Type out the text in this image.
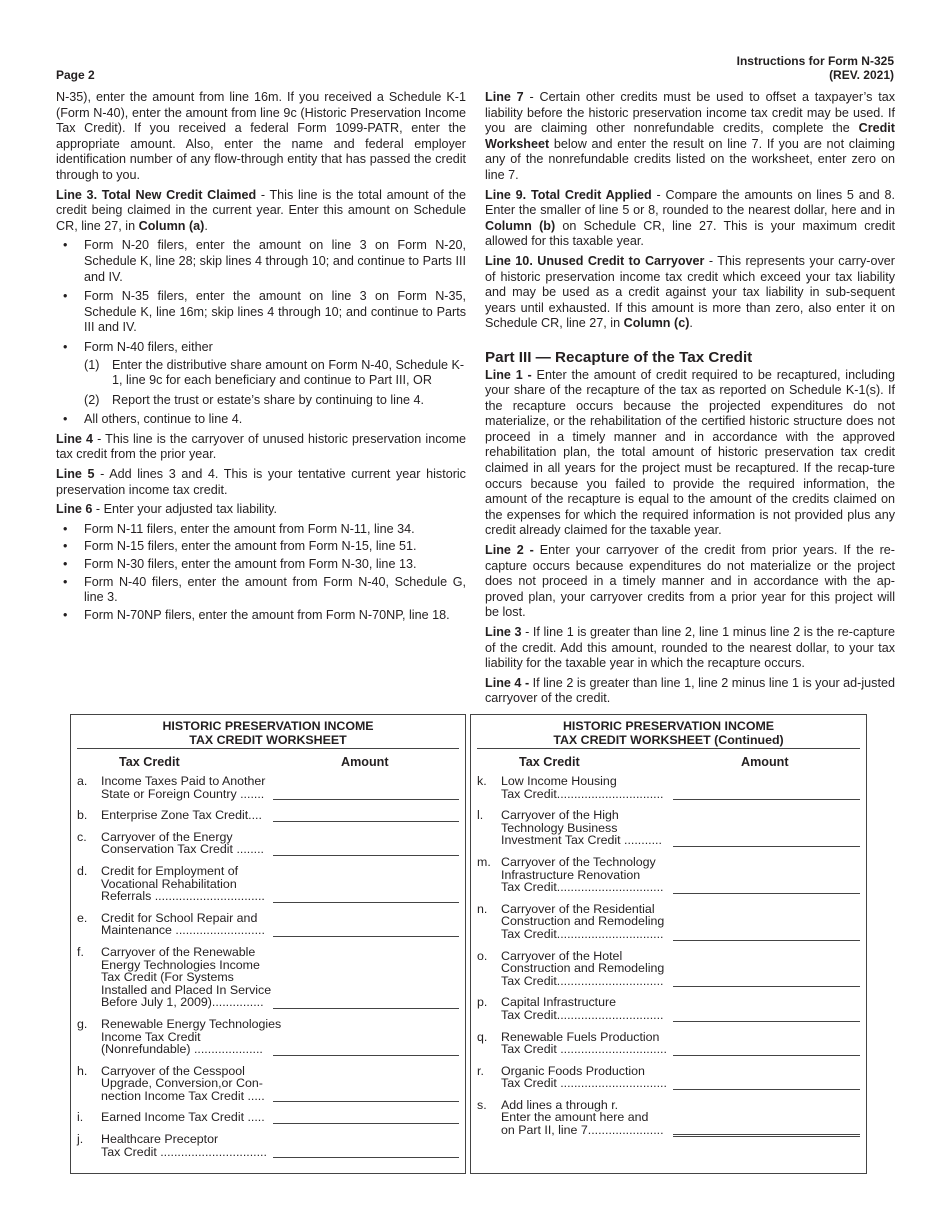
Instructions for Form N-325
(REV. 2021)
Page 2

N-35), enter the amount from line 16m. If you received a Schedule K-1 (Form N-40), enter the amount from line 9c (Historic Preservation Income Tax Credit). If you received a federal Form 1099-PATR, enter the appropriate amount. Also, enter the name and federal employer identification number of any flow-through entity that has passed the credit through to you.

Line 3. Total New Credit Claimed - This line is the total amount of the credit being claimed in the current year. Enter this amount on Schedule CR, line 27, in Column (a).

• Form N-20 filers, enter the amount on line 3 on Form N-20, Schedule K, line 28; skip lines 4 through 10; and continue to Parts III and IV.
• Form N-35 filers, enter the amount on line 3 on Form N-35, Schedule K, line 16m; skip lines 4 through 10; and continue to Parts III and IV.
• Form N-40 filers, either
(1) Enter the distributive share amount on Form N-40, Schedule K-1, line 9c for each beneficiary and continue to Part III, OR
(2) Report the trust or estate’s share by continuing to line 4.
• All others, continue to line 4.

Line 4 - This line is the carryover of unused historic preservation income tax credit from the prior year.

Line 5 - Add lines 3 and 4. This is your tentative current year historic preservation income tax credit.

Line 6 - Enter your adjusted tax liability.

• Form N-11 filers, enter the amount from Form N-11, line 34.
• Form N-15 filers, enter the amount from Form N-15, line 51.
• Form N-30 filers, enter the amount from Form N-30, line 13.
• Form N-40 filers, enter the amount from Form N-40, Schedule G, line 3.
• Form N-70NP filers, enter the amount from Form N-70NP, line 18.

Line 7 - Certain other credits must be used to offset a taxpayer’s tax liability before the historic preservation income tax credit may be used. If you are claiming other nonrefundable credits, complete the Credit Worksheet below and enter the result on line 7. If you are not claiming any of the nonrefundable credits listed on the worksheet, enter zero on line 7.

Line 9. Total Credit Applied - Compare the amounts on lines 5 and 8. Enter the smaller of line 5 or 8, rounded to the nearest dollar, here and in Column (b) on Schedule CR, line 27. This is your maximum credit allowed for this taxable year.

Line 10. Unused Credit to Carryover - This represents your carry-over of historic preservation income tax credit which exceed your tax liability and may be used as a credit against your tax liability in sub-sequent years until exhausted. If this amount is more than zero, also enter it on Schedule CR, line 27, in Column (c).

Part III — Recapture of the Tax Credit

Line 1 - Enter the amount of credit required to be recaptured, including your share of the recapture of the tax as reported on Schedule K-1(s). If the recapture occurs because the projected expenditures do not materialize, or the rehabilitation of the certified historic structure does not proceed in a timely manner and in accordance with the approved rehabilitation plan, the total amount of historic preservation tax credit claimed in all years for the project must be recaptured. If the recap-ture occurs because you failed to provide the required information, the amount of the recapture is equal to the amount of the credits claimed on the expenses for which the required information is not provided plus any credit already claimed for the taxable year.

Line 2 - Enter your carryover of the credit from prior years. If the re-capture occurs because expenditures do not materialize or the project does not proceed in a timely manner and in accordance with the ap-proved plan, your carryover credits from a prior year for this project will be lost.

Line 3 - If line 1 is greater than line 2, line 1 minus line 2 is the re-capture of the credit. Add this amount, rounded to the nearest dollar, to your tax liability for the taxable year in which the recapture occurs.

Line 4 - If line 2 is greater than line 1, line 2 minus line 1 is your ad-justed carryover of the credit.

HISTORIC PRESERVATION INCOME
TAX CREDIT WORKSHEET
Tax Credit	Amount
a. Income Taxes Paid to Another
State or Foreign Country .......
b. Enterprise Zone Tax Credit....
c. Carryover of the Energy
Conservation Tax Credit ........
d. Credit for Employment of
Vocational Rehabilitation
Referrals ................................
e. Credit for School Repair and
Maintenance ..........................
f. Carryover of the Renewable
Energy Technologies Income
Tax Credit (For Systems
Installed and Placed In Service
Before July 1, 2009)...............
g. Renewable Energy Technologies
Income Tax Credit
(Nonrefundable) ....................
h. Carryover of the Cesspool
Upgrade, Conversion,or Con-
nection Income Tax Credit .....
i. Earned Income Tax Credit .....
j. Healthcare Preceptor
Tax Credit ...............................
HISTORIC PRESERVATION INCOME
TAX CREDIT WORKSHEET (Continued)
Tax Credit	Amount
k. Low Income Housing
Tax Credit...............................
l. Carryover of the High
Technology Business
Investment Tax Credit ...........
m. Carryover of the Technology
Infrastructure Renovation
Tax Credit...............................
n. Carryover of the Residential
Construction and Remodeling
Tax Credit...............................
o. Carryover of the Hotel
Construction and Remodeling
Tax Credit...............................
p. Capital Infrastructure
Tax Credit...............................
q. Renewable Fuels Production
Tax Credit ...............................
r. Organic Foods Production
Tax Credit ...............................
s. Add lines a through r.
Enter the amount here and
on Part II, line 7......................
